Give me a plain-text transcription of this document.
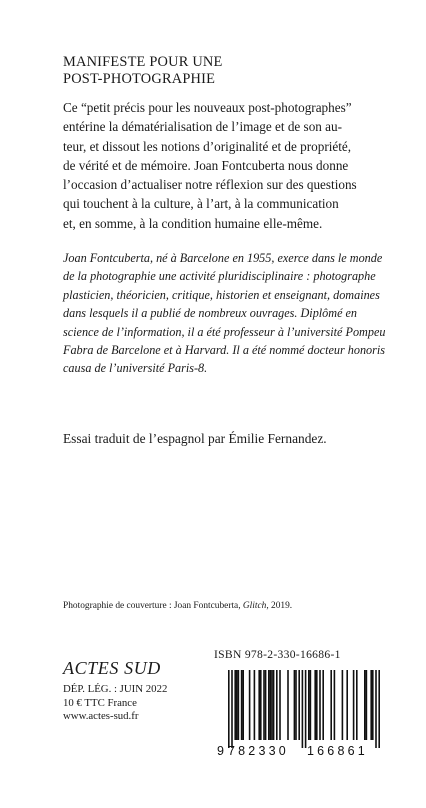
MANIFESTE POUR UNE
POST-PHOTOGRAPHIE
Ce “petit précis pour les nouveaux post-photographes”
entérine la dématérialisation de l’image et de son au-
teur, et dissout les notions d’originalité et de propriété,
de vérité et de mémoire. Joan Fontcuberta nous donne
l’occasion d’actualiser notre réflexion sur des questions
qui touchent à la culture, à l’art, à la communication
et, en somme, à la condition humaine elle-même.
Joan Fontcuberta, né à Barcelone en 1955, exerce dans le monde
de la photographie une activité pluridisciplinaire : photographe
plasticien, théoricien, critique, historien et enseignant, domaines
dans lesquels il a publié de nombreux ouvrages. Diplômé en
science de l’information, il a été professeur à l’université Pompeu
Fabra de Barcelone et à Harvard. Il a été nommé docteur honoris
causa de l’université Paris-8.
Essai traduit de l’espagnol par Émilie Fernandez.
Photographie de couverture : Joan Fontcuberta, Glitch, 2019.
ISBN 978-2-330-16686-1
9 782330 166861
ACTES SUD
DÉP. LÉG. : JUIN 2022
10 € TTC France
www.actes-sud.fr
